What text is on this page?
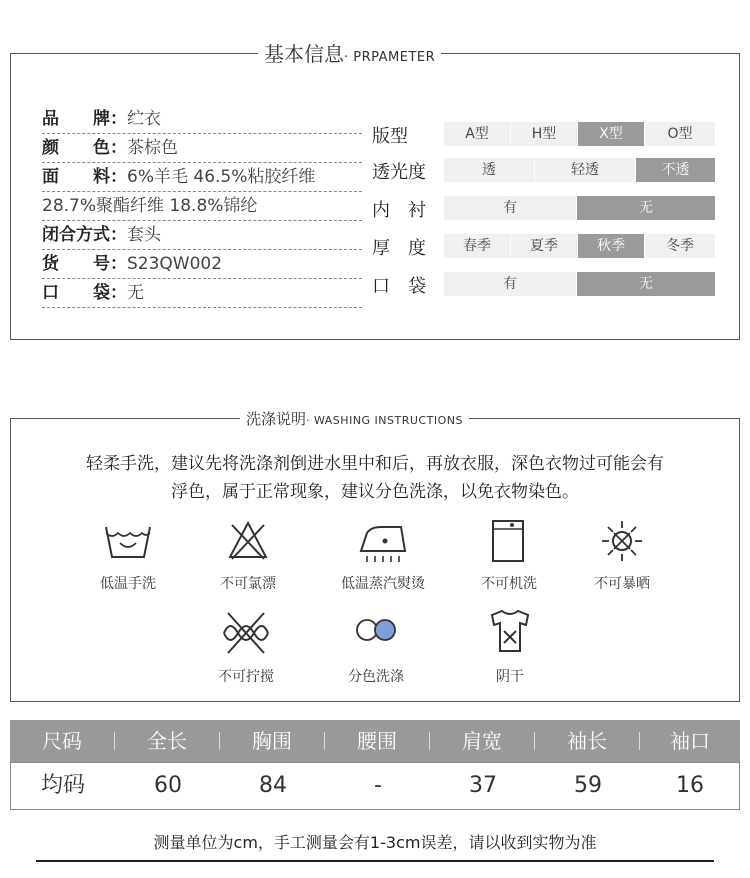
基本信息· PRPAMETER
品　　牌：纻衣
颜　　色：茶棕色
面　　料：6%羊毛 46.5%粘胶纤维
28.7%聚酯纤维 18.8%锦纶
闭合方式：套头
货　　号：S23QW002
口　　袋：无
版型	A型	H型	X型	O型
透光度	透	轻透	不透
内　衬	有	无
厚　度	春季	夏季	秋季	冬季
口　袋	有	无
洗涤说明· WASHING INSTRUCTIONS
轻柔手洗，建议先将洗涤剂倒进水里中和后，再放衣服，深色衣物过可能会有
浮色，属于正常现象，建议分色洗涤，以免衣物染色。
低温手洗	不可氯漂	低温蒸汽熨烫	不可机洗	不可暴晒
不可拧搅	分色洗涤	阴干
尺码	全长	胸围	腰围	肩宽	袖长	袖口
均码	60	84	-	37	59	16
测量单位为cm，手工测量会有1-3cm误差，请以收到实物为准
